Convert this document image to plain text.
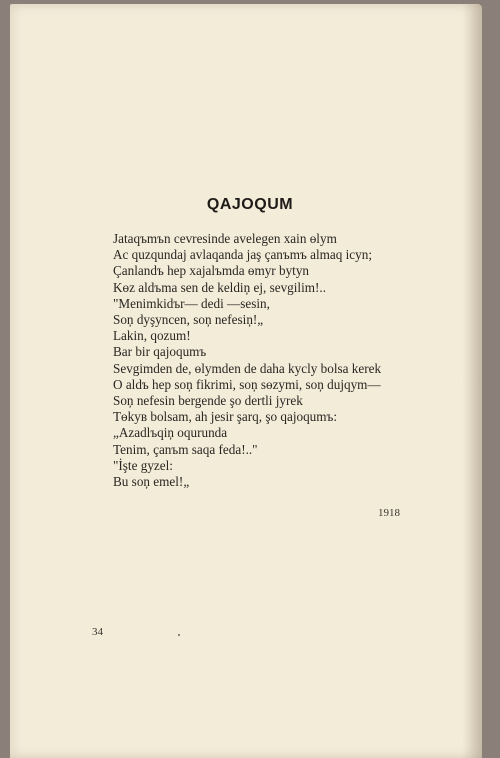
QAJOQUM
Jataqъmъn cevresinde avelegen xain ɵlym
Ac quzqundaj avlaqanda jaş çanъmъ almaq icyn;
Çanlandъ hep xajalъmda ɵmyr bytyn
Kɵz aldъma sen de keldiņ ej, sevgilim!..
"Menimkidъr— dedi —sesin,
Soņ dyşyncen, soņ nefesiņ!„
Lakin, qozum!
Bar bir qajoqumъ
Sevgimden de, ɵlymden de daha kycly bolsa kerek
O aldъ hep soņ fikrimi, soņ sɵzymi, soņ dujqym—
Soņ nefesin bergende şo dertli jyrek
Tɵkyв bolsam, ah jesir şarq, şo qajoqumъ:
„Azadlъqiņ oqurunda
Tenim, çanъm saqa feda!.."
"İşte gyzel:
Bu soņ emel!„
1918
34
